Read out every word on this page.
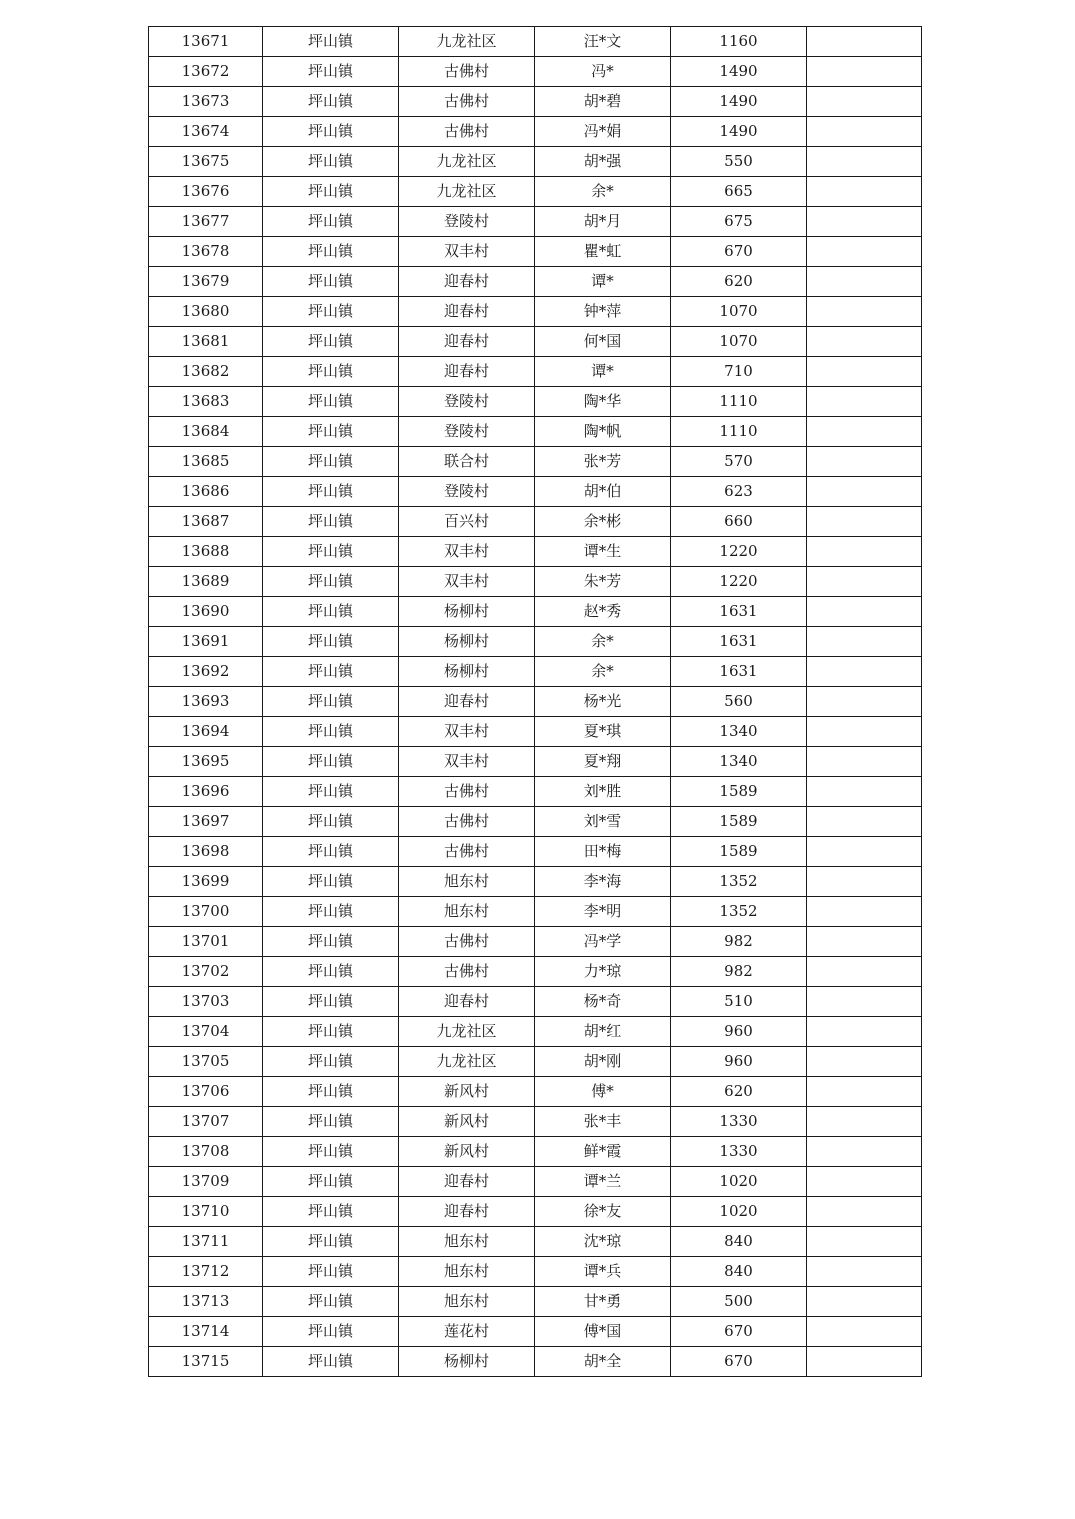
13671	坪山镇	九龙社区	汪*文	1160	
13672	坪山镇	古佛村	冯*	1490	
13673	坪山镇	古佛村	胡*碧	1490	
13674	坪山镇	古佛村	冯*娟	1490	
13675	坪山镇	九龙社区	胡*强	550	
13676	坪山镇	九龙社区	余*	665	
13677	坪山镇	登陵村	胡*月	675	
13678	坪山镇	双丰村	瞿*虹	670	
13679	坪山镇	迎春村	谭*	620	
13680	坪山镇	迎春村	钟*萍	1070	
13681	坪山镇	迎春村	何*国	1070	
13682	坪山镇	迎春村	谭*	710	
13683	坪山镇	登陵村	陶*华	1110	
13684	坪山镇	登陵村	陶*帆	1110	
13685	坪山镇	联合村	张*芳	570	
13686	坪山镇	登陵村	胡*伯	623	
13687	坪山镇	百兴村	余*彬	660	
13688	坪山镇	双丰村	谭*生	1220	
13689	坪山镇	双丰村	朱*芳	1220	
13690	坪山镇	杨柳村	赵*秀	1631	
13691	坪山镇	杨柳村	余*	1631	
13692	坪山镇	杨柳村	余*	1631	
13693	坪山镇	迎春村	杨*光	560	
13694	坪山镇	双丰村	夏*琪	1340	
13695	坪山镇	双丰村	夏*翔	1340	
13696	坪山镇	古佛村	刘*胜	1589	
13697	坪山镇	古佛村	刘*雪	1589	
13698	坪山镇	古佛村	田*梅	1589	
13699	坪山镇	旭东村	李*海	1352	
13700	坪山镇	旭东村	李*明	1352	
13701	坪山镇	古佛村	冯*学	982	
13702	坪山镇	古佛村	力*琼	982	
13703	坪山镇	迎春村	杨*奇	510	
13704	坪山镇	九龙社区	胡*红	960	
13705	坪山镇	九龙社区	胡*刚	960	
13706	坪山镇	新风村	傅*	620	
13707	坪山镇	新风村	张*丰	1330	
13708	坪山镇	新风村	鲜*霞	1330	
13709	坪山镇	迎春村	谭*兰	1020	
13710	坪山镇	迎春村	徐*友	1020	
13711	坪山镇	旭东村	沈*琼	840	
13712	坪山镇	旭东村	谭*兵	840	
13713	坪山镇	旭东村	甘*勇	500	
13714	坪山镇	莲花村	傅*国	670	
13715	坪山镇	杨柳村	胡*全	670	
